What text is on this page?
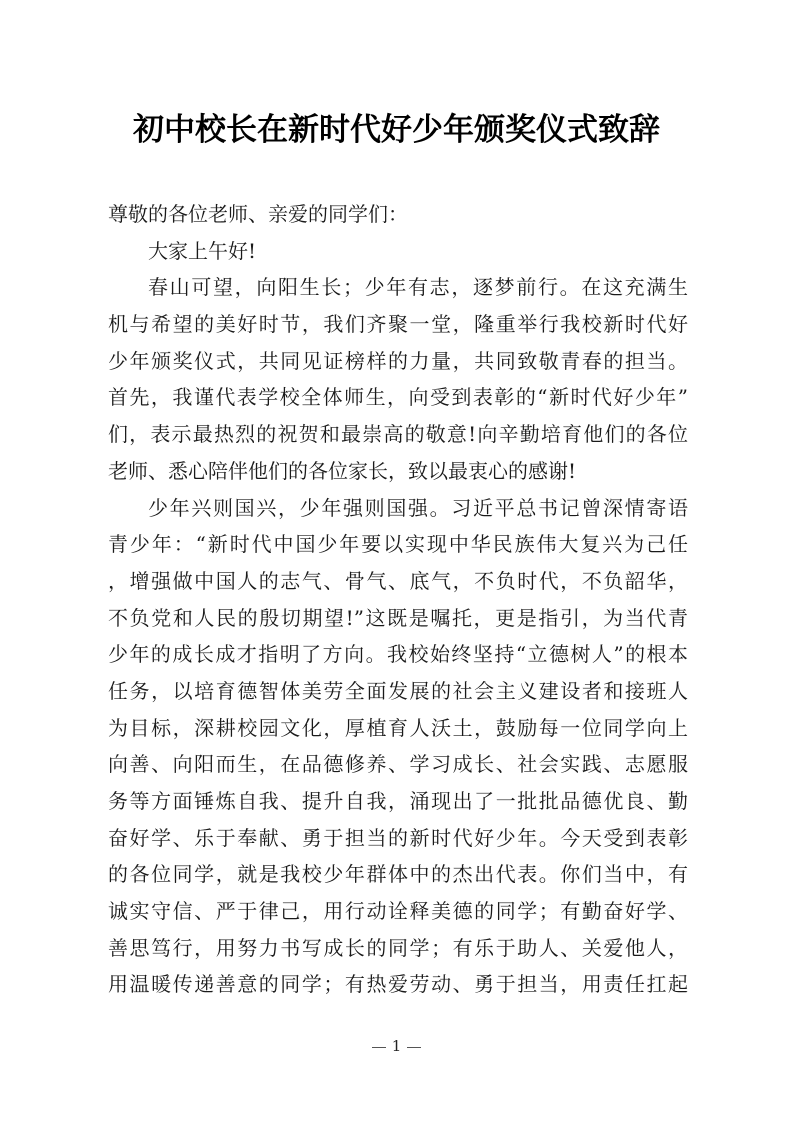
初中校长在新时代好少年颁奖仪式致辞
尊敬的各位老师、亲爱的同学们：
大家上午好!
春山可望，向阳生长；少年有志，逐梦前行。在这充满生
机与希望的美好时节，我们齐聚一堂，隆重举行我校新时代好
少年颁奖仪式，共同见证榜样的力量，共同致敬青春的担当。
首先，我谨代表学校全体师生，向受到表彰的“新时代好少年”
们，表示最热烈的祝贺和最崇高的敬意!向辛勤培育他们的各位
老师、悉心陪伴他们的各位家长，致以最衷心的感谢!
少年兴则国兴，少年强则国强。习近平总书记曾深情寄语
青少年：“新时代中国少年要以实现中华民族伟大复兴为己任
，增强做中国人的志气、骨气、底气，不负时代，不负韶华，
不负党和人民的殷切期望!”这既是嘱托，更是指引，为当代青
少年的成长成才指明了方向。我校始终坚持“立德树人”的根本
任务，以培育德智体美劳全面发展的社会主义建设者和接班人
为目标，深耕校园文化，厚植育人沃土，鼓励每一位同学向上
向善、向阳而生，在品德修养、学习成长、社会实践、志愿服
务等方面锤炼自我、提升自我，涌现出了一批批品德优良、勤
奋好学、乐于奉献、勇于担当的新时代好少年。今天受到表彰
的各位同学，就是我校少年群体中的杰出代表。你们当中，有
诚实守信、严于律己，用行动诠释美德的同学；有勤奋好学、
善思笃行，用努力书写成长的同学；有乐于助人、关爱他人，
用温暖传递善意的同学；有热爱劳动、勇于担当，用责任扛起
1
